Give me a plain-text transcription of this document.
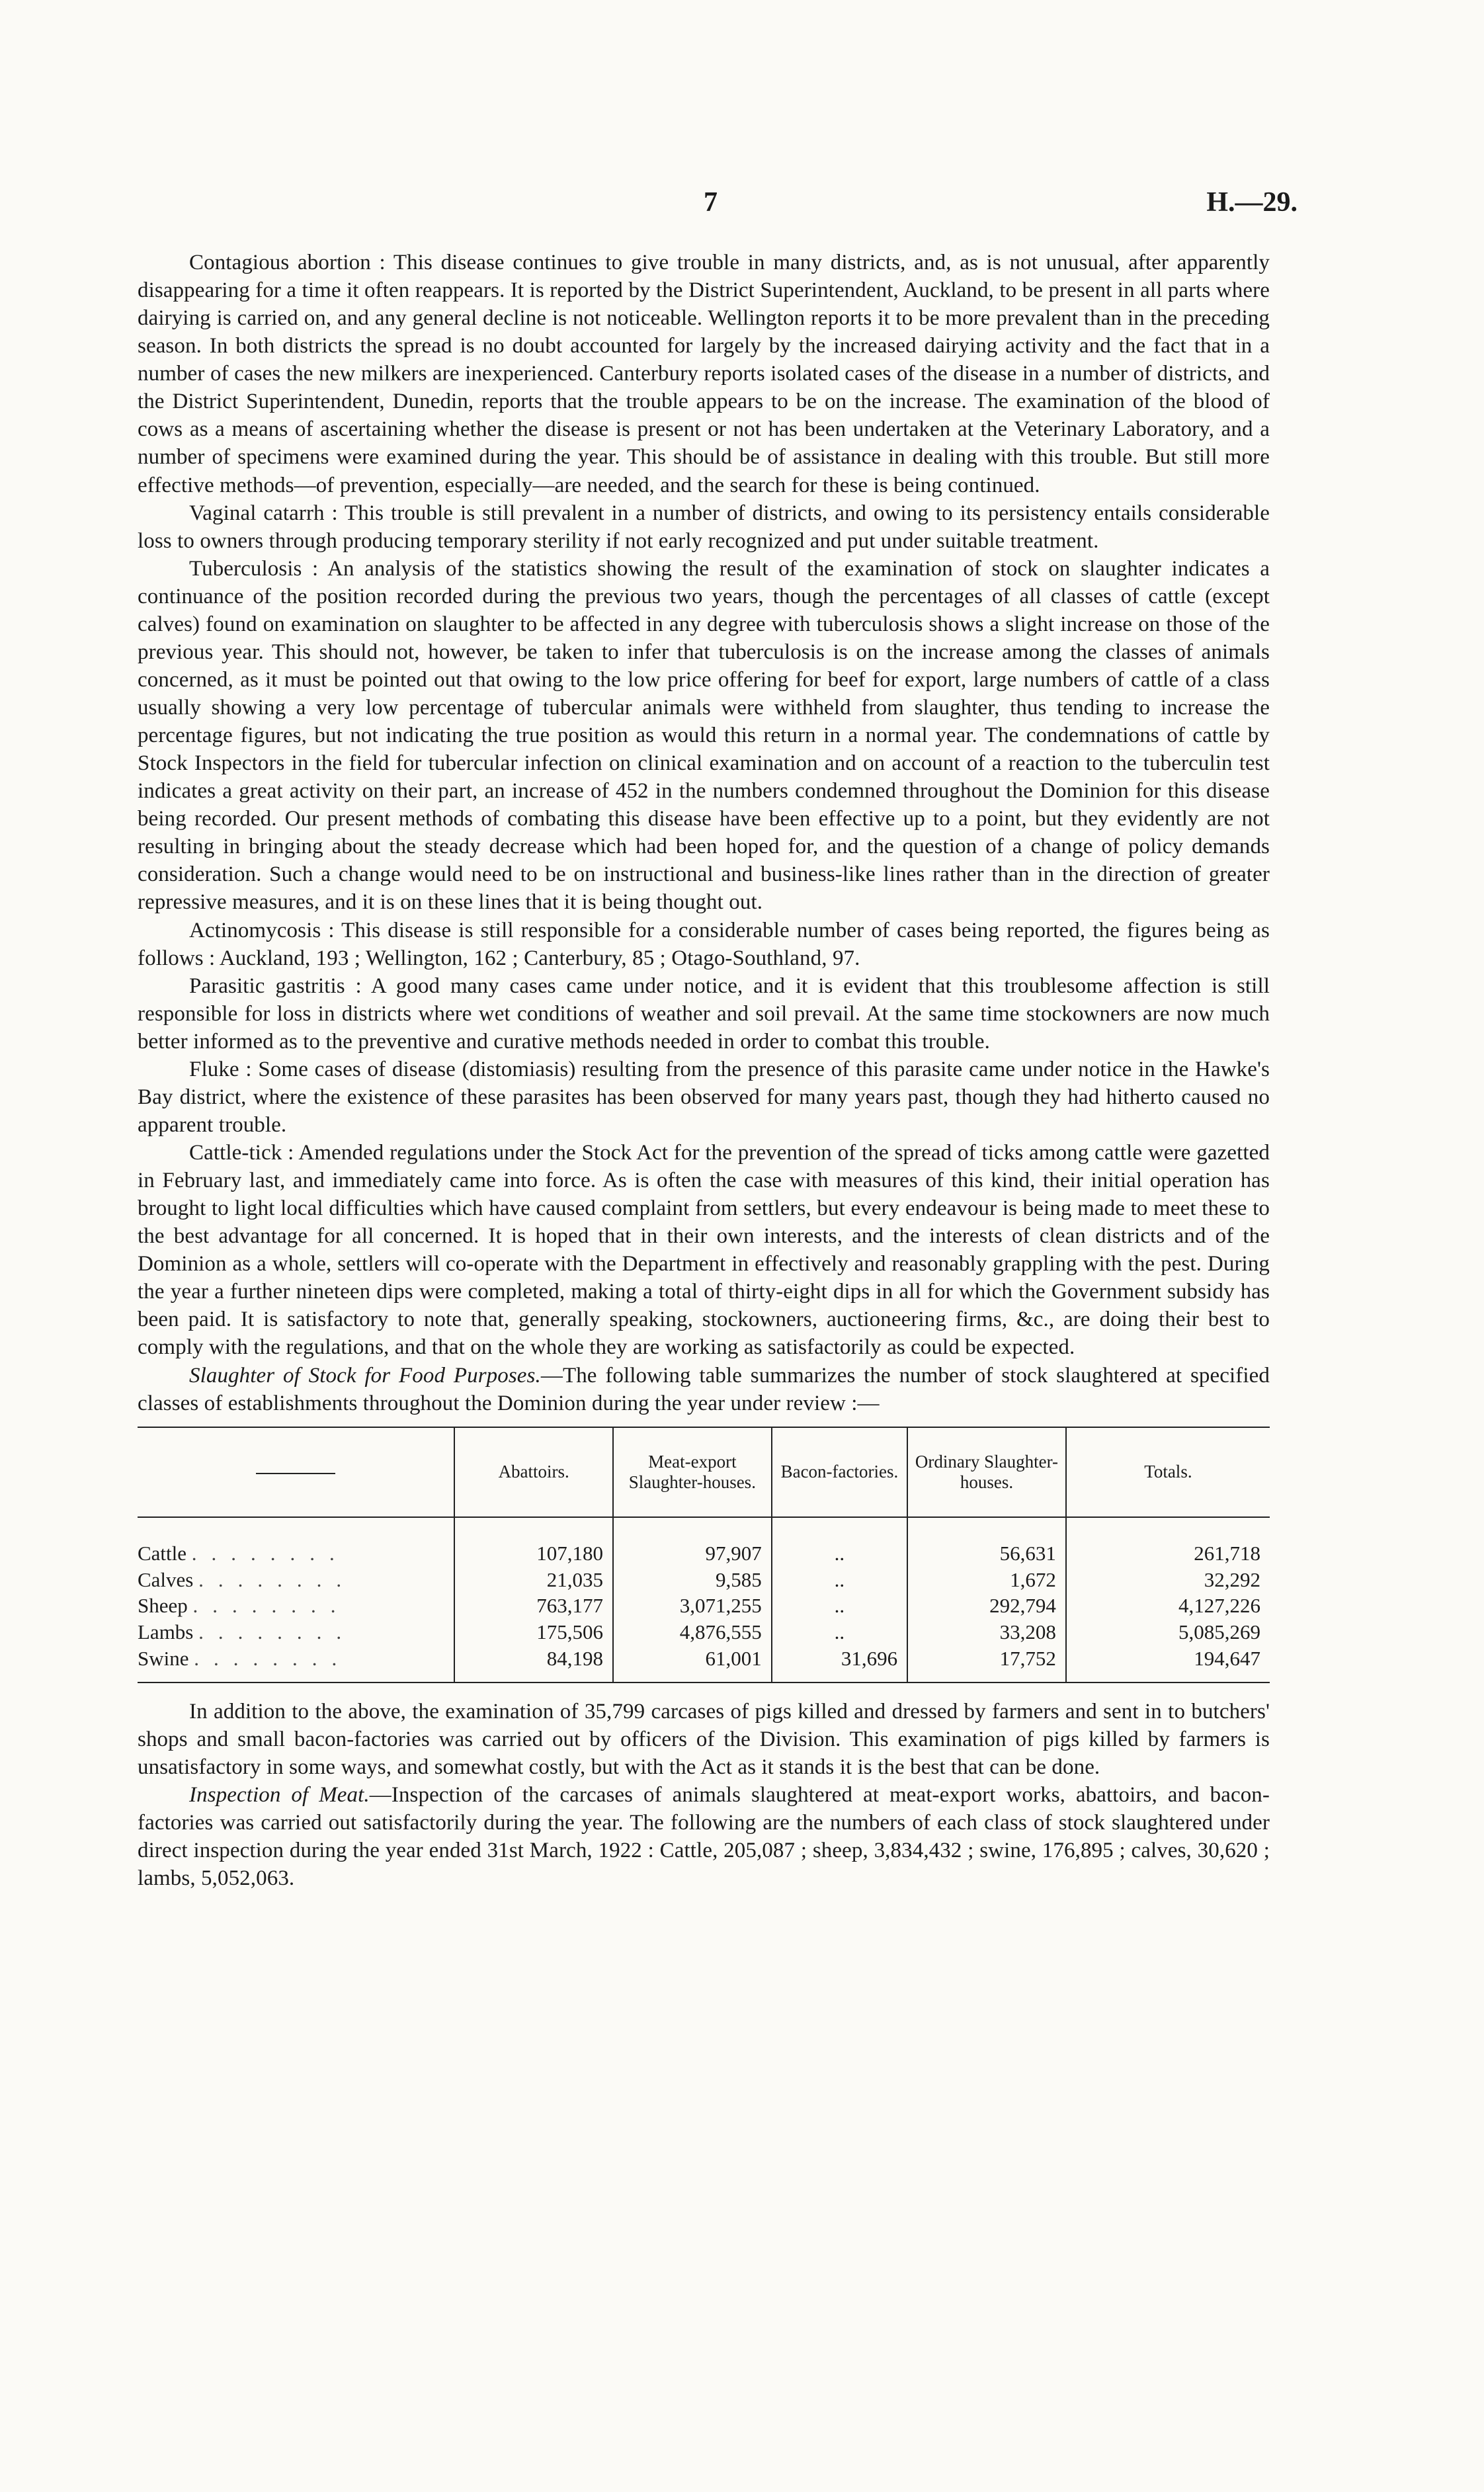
7	H.—29.

Contagious abortion : This disease continues to give trouble in many districts, and, as is not unusual, after apparently disappearing for a time it often reappears. It is reported by the District Superintendent, Auckland, to be present in all parts where dairying is carried on, and any general decline is not noticeable. Wellington reports it to be more prevalent than in the preceding season. In both districts the spread is no doubt accounted for largely by the increased dairying activity and the fact that in a number of cases the new milkers are inexperienced. Canterbury reports isolated cases of the disease in a number of districts, and the District Superintendent, Dunedin, reports that the trouble appears to be on the increase. The examination of the blood of cows as a means of ascertaining whether the disease is present or not has been undertaken at the Veterinary Laboratory, and a number of specimens were examined during the year. This should be of assistance in dealing with this trouble. But still more effective methods—of prevention, especially—are needed, and the search for these is being continued.

Vaginal catarrh : This trouble is still prevalent in a number of districts, and owing to its persistency entails considerable loss to owners through producing temporary sterility if not early recognized and put under suitable treatment.

Tuberculosis : An analysis of the statistics showing the result of the examination of stock on slaughter indicates a continuance of the position recorded during the previous two years, though the percentages of all classes of cattle (except calves) found on examination on slaughter to be affected in any degree with tuberculosis shows a slight increase on those of the previous year. This should not, however, be taken to infer that tuberculosis is on the increase among the classes of animals concerned, as it must be pointed out that owing to the low price offering for beef for export, large numbers of cattle of a class usually showing a very low percentage of tubercular animals were withheld from slaughter, thus tending to increase the percentage figures, but not indicating the true position as would this return in a normal year. The condemnations of cattle by Stock Inspectors in the field for tubercular infection on clinical examination and on account of a reaction to the tuberculin test indicates a great activity on their part, an increase of 452 in the numbers condemned throughout the Dominion for this disease being recorded. Our present methods of combating this disease have been effective up to a point, but they evidently are not resulting in bringing about the steady decrease which had been hoped for, and the question of a change of policy demands consideration. Such a change would need to be on instructional and business-like lines rather than in the direction of greater repressive measures, and it is on these lines that it is being thought out.

Actinomycosis : This disease is still responsible for a considerable number of cases being reported, the figures being as follows : Auckland, 193 ; Wellington, 162 ; Canterbury, 85 ; Otago-Southland, 97.

Parasitic gastritis : A good many cases came under notice, and it is evident that this troublesome affection is still responsible for loss in districts where wet conditions of weather and soil prevail. At the same time stockowners are now much better informed as to the preventive and curative methods needed in order to combat this trouble.

Fluke : Some cases of disease (distomiasis) resulting from the presence of this parasite came under notice in the Hawke's Bay district, where the existence of these parasites has been observed for many years past, though they had hitherto caused no apparent trouble.

Cattle-tick : Amended regulations under the Stock Act for the prevention of the spread of ticks among cattle were gazetted in February last, and immediately came into force. As is often the case with measures of this kind, their initial operation has brought to light local difficulties which have caused complaint from settlers, but every endeavour is being made to meet these to the best advantage for all concerned. It is hoped that in their own interests, and the interests of clean districts and of the Dominion as a whole, settlers will co-operate with the Department in effectively and reasonably grappling with the pest. During the year a further nineteen dips were completed, making a total of thirty-eight dips in all for which the Government subsidy has been paid. It is satisfactory to note that, generally speaking, stockowners, auctioneering firms, &c., are doing their best to comply with the regulations, and that on the whole they are working as satisfactorily as could be expected.

Slaughter of Stock for Food Purposes.—The following table summarizes the number of stock slaughtered at specified classes of establishments throughout the Dominion during the year under review :—

	Abattoirs.	Meat-export Slaughter-houses.	Bacon-factories.	Ordinary Slaughter-houses.	Totals.

Cattle ........	107,180	97,907	..	56,631	261,718
Calves ........	21,035	9,585	..	1,672	32,292
Sheep ........	763,177	3,071,255	..	292,794	4,127,226
Lambs ........	175,506	4,876,555	..	33,208	5,085,269
Swine ........	84,198	61,001	31,696	17,752	194,647

In addition to the above, the examination of 35,799 carcases of pigs killed and dressed by farmers and sent in to butchers' shops and small bacon-factories was carried out by officers of the Division. This examination of pigs killed by farmers is unsatisfactory in some ways, and somewhat costly, but with the Act as it stands it is the best that can be done.

Inspection of Meat.—Inspection of the carcases of animals slaughtered at meat-export works, abattoirs, and bacon-factories was carried out satisfactorily during the year. The following are the numbers of each class of stock slaughtered under direct inspection during the year ended 31st March, 1922 : Cattle, 205,087 ; sheep, 3,834,432 ; swine, 176,895 ; calves, 30,620 ; lambs, 5,052,063.
